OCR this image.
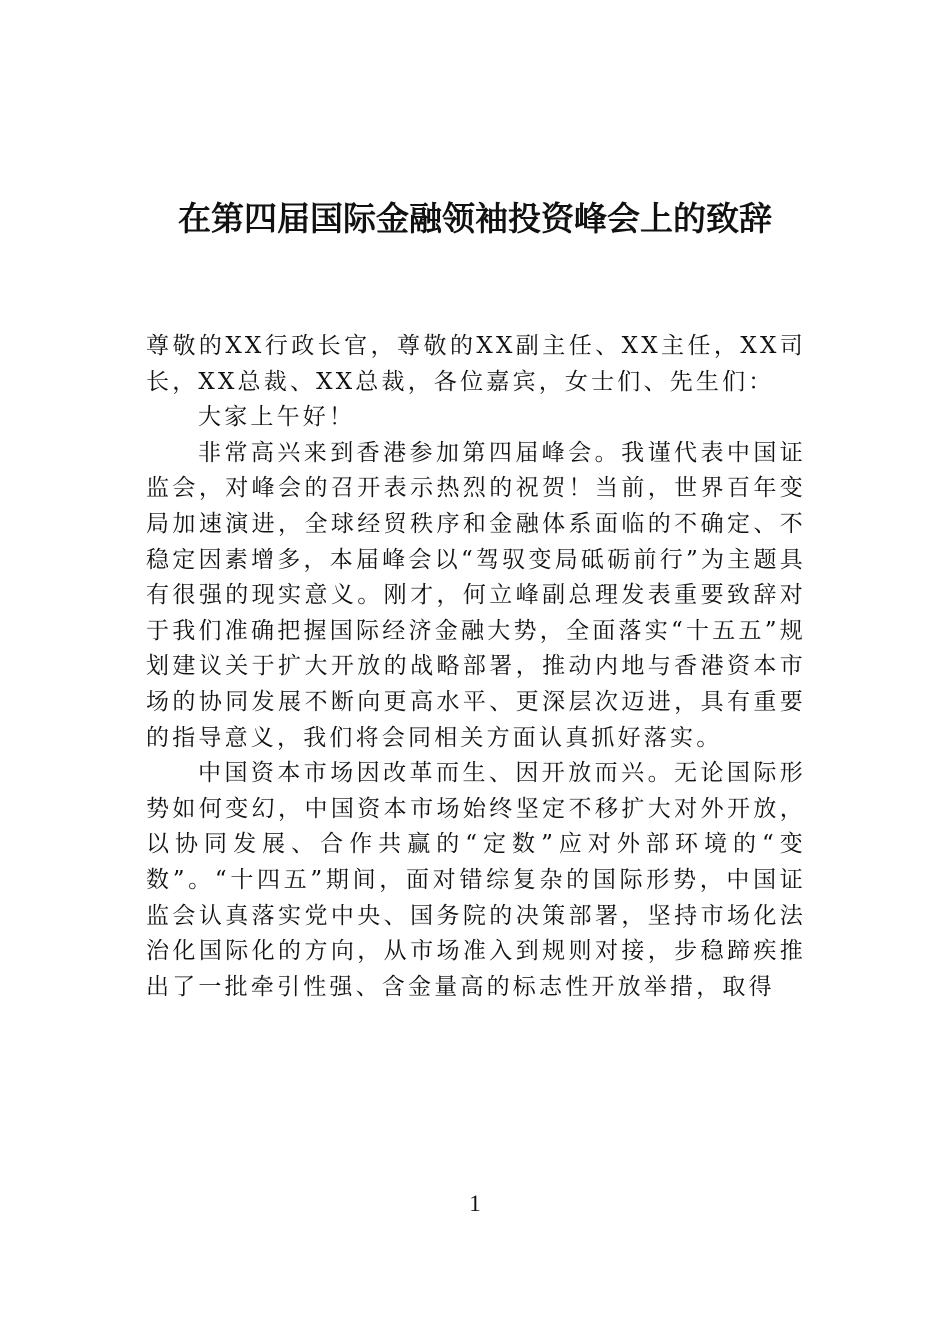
在第四届国际金融领袖投资峰会上的致辞

尊敬的XX行政长官，尊敬的XX副主任、XX主任，XX司长，XX总裁、XX总裁，各位嘉宾，女士们、先生们：

大家上午好！

非常高兴来到香港参加第四届峰会。我谨代表中国证监会，对峰会的召开表示热烈的祝贺！当前，世界百年变局加速演进，全球经贸秩序和金融体系面临的不确定、不稳定因素增多，本届峰会以“驾驭变局砥砺前行”为主题具有很强的现实意义。刚才，何立峰副总理发表重要致辞对于我们准确把握国际经济金融大势，全面落实“十五五”规划建议关于扩大开放的战略部署，推动内地与香港资本市场的协同发展不断向更高水平、更深层次迈进，具有重要的指导意义，我们将会同相关方面认真抓好落实。

中国资本市场因改革而生、因开放而兴。无论国际形势如何变幻，中国资本市场始终坚定不移扩大对外开放，以协同发展、合作共赢的“定数”应对外部环境的“变数”。“十四五”期间，面对错综复杂的国际形势，中国证监会认真落实党中央、国务院的决策部署，坚持市场化法治化国际化的方向，从市场准入到规则对接，步稳蹄疾推出了一批牵引性强、含金量高的标志性开放举措，取得

1
